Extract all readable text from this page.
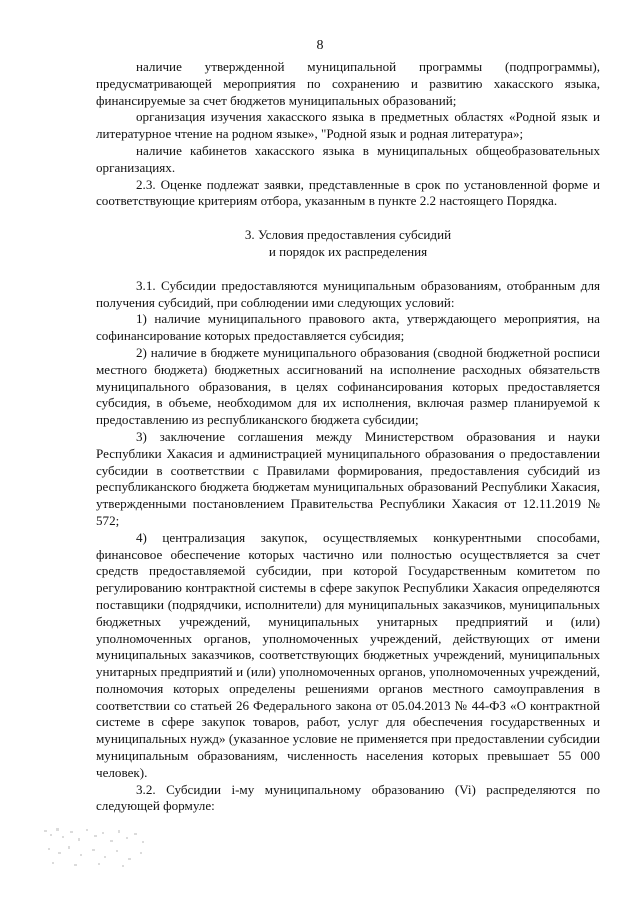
8

наличие утвержденной муниципальной программы (подпрограммы), предусматривающей мероприятия по сохранению и развитию хакасского языка, финансируемые за счет бюджетов муниципальных образований;

организация изучения хакасского языка в предметных областях «Родной язык и литературное чтение на родном языке», "Родной язык и родная литература»;

наличие кабинетов хакасского языка в муниципальных общеобразовательных организациях.

2.3. Оценке подлежат заявки, представленные в срок по установленной форме и соответствующие критериям отбора, указанным в пункте 2.2 настоящего Порядка.

3. Условия предоставления субсидий
и порядок их распределения

3.1. Субсидии предоставляются муниципальным образованиям, отобранным для получения субсидий, при соблюдении ими следующих условий:

1) наличие муниципального правового акта, утверждающего мероприятия, на софинансирование которых предоставляется субсидия;

2) наличие в бюджете муниципального образования (сводной бюджетной росписи местного бюджета) бюджетных ассигнований на исполнение расходных обязательств муниципального образования, в целях софинансирования которых предоставляется субсидия, в объеме, необходимом для их исполнения, включая размер планируемой к предоставлению из республиканского бюджета субсидии;

3) заключение соглашения между Министерством образования и науки Республики Хакасия и администрацией муниципального образования о предоставлении субсидии в соответствии с Правилами формирования, предоставления субсидий из республиканского бюджета бюджетам муниципальных образований Республики Хакасия, утвержденными постановлением Правительства Республики Хакасия от 12.11.2019 № 572;

4) централизация закупок, осуществляемых конкурентными способами, финансовое обеспечение которых частично или полностью осуществляется за счет средств предоставляемой субсидии, при которой Государственным комитетом по регулированию контрактной системы в сфере закупок Республики Хакасия определяются поставщики (подрядчики, исполнители) для муниципальных заказчиков, муниципальных бюджетных учреждений, муниципальных унитарных предприятий и (или) уполномоченных органов, уполномоченных учреждений, действующих от имени муниципальных заказчиков, соответствующих бюджетных учреждений, муниципальных унитарных предприятий и (или) уполномоченных органов, уполномоченных учреждений, полномочия которых определены решениями органов местного самоуправления в соответствии со статьей 26 Федерального закона от 05.04.2013 № 44-ФЗ «О контрактной системе в сфере закупок товаров, работ, услуг для обеспечения государственных и муниципальных нужд» (указанное условие не применяется при предоставлении субсидии муниципальным образованиям, численность населения которых превышает 55 000 человек).

3.2. Субсидии i-му муниципальному образованию (Vi) распределяются по следующей формуле:
